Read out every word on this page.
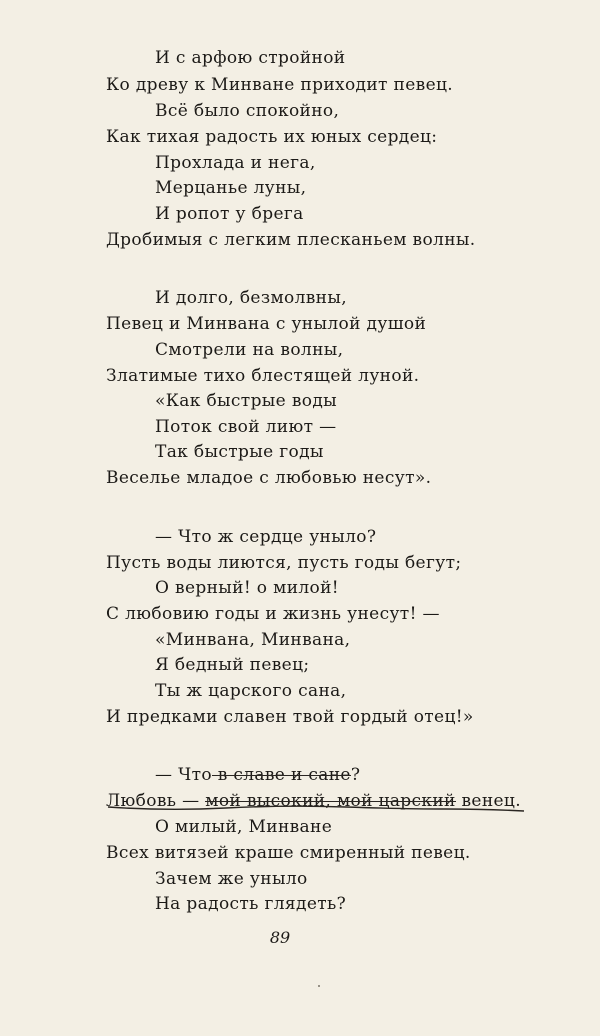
И с арфою стройной
Ко древу к Минване приходит певец.
Всё было спокойно,
Как тихая радость их юных сердец:
Прохлада и нега,
Мерцанье луны,
И ропот у брега
Дробимыя с легким плесканьем волны.
И долго, безмолвны,
Певец и Минвана с унылой душой
Смотрели на волны,
Златимые тихо блестящей луной.
«Как быстрые воды
Поток свой лиют —
Так быстрые годы
Веселье младое с любовью несут».
— Что ж сердце уныло?
Пусть воды лиются, пусть годы бегут;
О верный! о милой!
С любовию годы и жизнь унесут! —
«Минвана, Минвана,
Я бедный певец;
Ты ж царского сана,
И предками славен твой гордый отец!»
— Что в славе и сане?
Любовь — мой высокий, мой царский венец.
О милый, Минване
Всех витязей краше смиренный певец.
Зачем же уныло
На радость глядеть?
89
